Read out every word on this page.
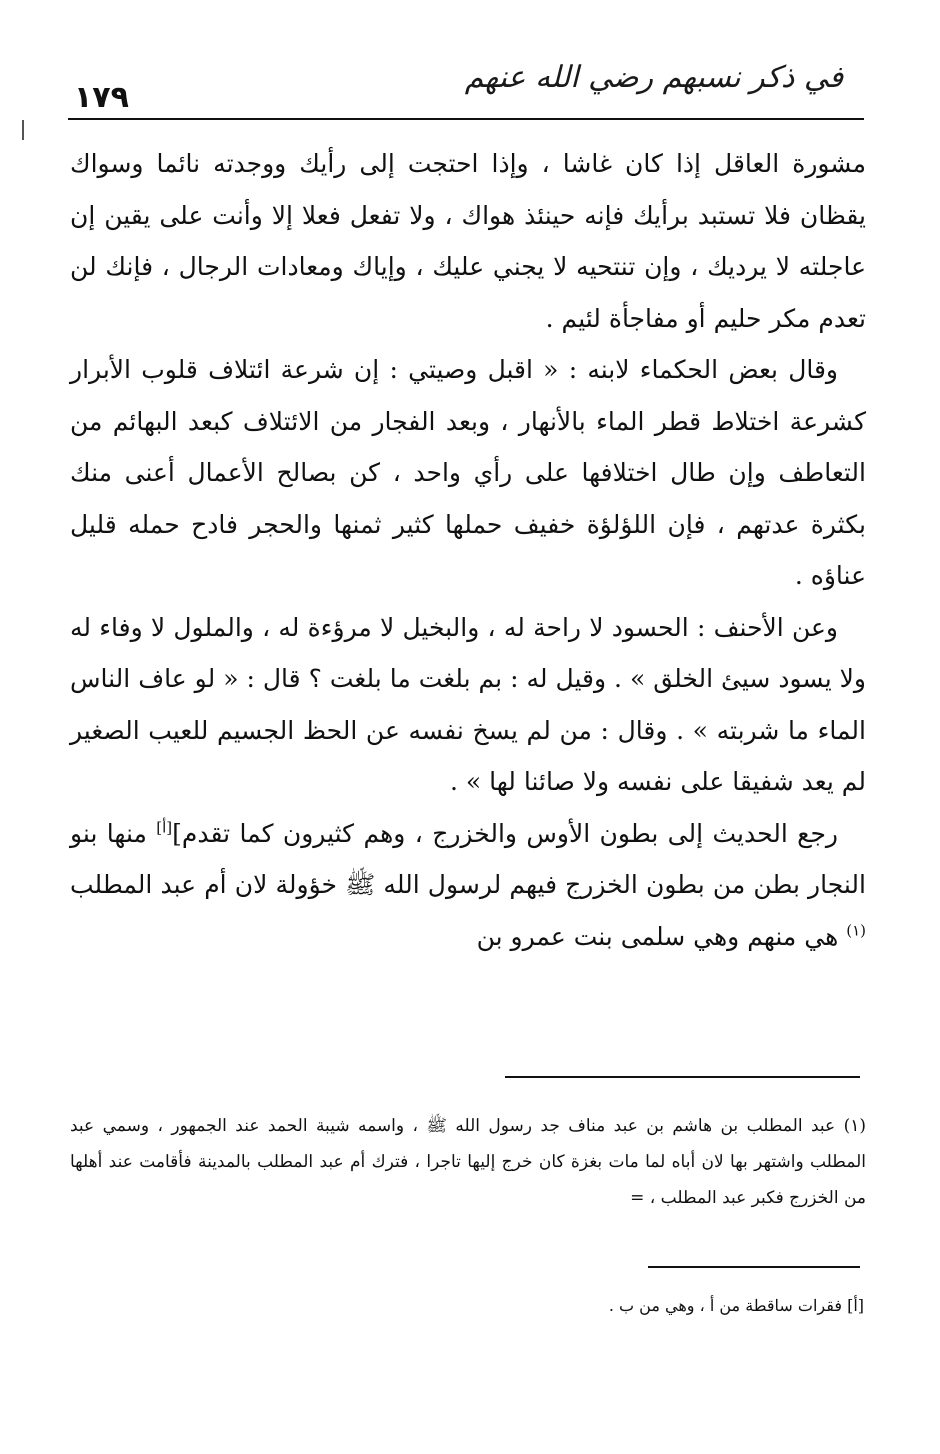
١٧٩
في ذكر نسبهم رضي الله عنهم

مشورة العاقل إذا كان غاشا ، وإذا احتجت إلى رأيك ووجدته نائما وسواك يقظان فلا تستبد برأيك فإنه حينئذ هواك ، ولا تفعل فعلا إلا وأنت على يقين إن عاجلته لا يرديك ، وإن تنتحيه لا يجني عليك ، وإياك ومعادات الرجال ، فإنك لن تعدم مكر حليم أو مفاجأة لئيم .

وقال بعض الحكماء لابنه : « اقبل وصيتي : إن شرعة ائتلاف قلوب الأبرار كشرعة اختلاط قطر الماء بالأنهار ، وبعد الفجار من الائتلاف كبعد البهائم من التعاطف وإن طال اختلافها على رأي واحد ، كن بصالح الأعمال أعنى منك بكثرة عدتهم ، فإن اللؤلؤة خفيف حملها كثير ثمنها والحجر فادح حمله قليل عناؤه .

وعن الأحنف : الحسود لا راحة له ، والبخيل لا مرؤءة له ، والملول لا وفاء له ولا يسود سيئ الخلق » . وقيل له : بم بلغت ما بلغت ؟ قال : « لو عاف الناس الماء ما شربته » . وقال : من لم يسخ نفسه عن الحظ الجسيم للعيب الصغير لم يعد شفيقا على نفسه ولا صائنا لها » .

رجع الحديث إلى بطون الأوس والخزرج ، وهم كثيرون كما تقدم][أ] منها بنو النجار بطن من بطون الخزرج فيهم لرسول الله ﷺ خؤولة لان أم عبد المطلب $^{(١)}$ هي منهم وهي سلمى بنت عمرو بن

(١) عبد المطلب بن هاشم بن عبد مناف جد رسول الله ﷺ ، واسمه شيبة الحمد عند الجمهور ، وسمي عبد المطلب واشتهر بها لان أباه لما مات بغزة كان خرج إليها تاجرا ، فترك أم عبد المطلب بالمدينة فأقامت عند أهلها من الخزرج فكبر عبد المطلب ، =

[أ] فقرات ساقطة من أ ، وهي من ب .
